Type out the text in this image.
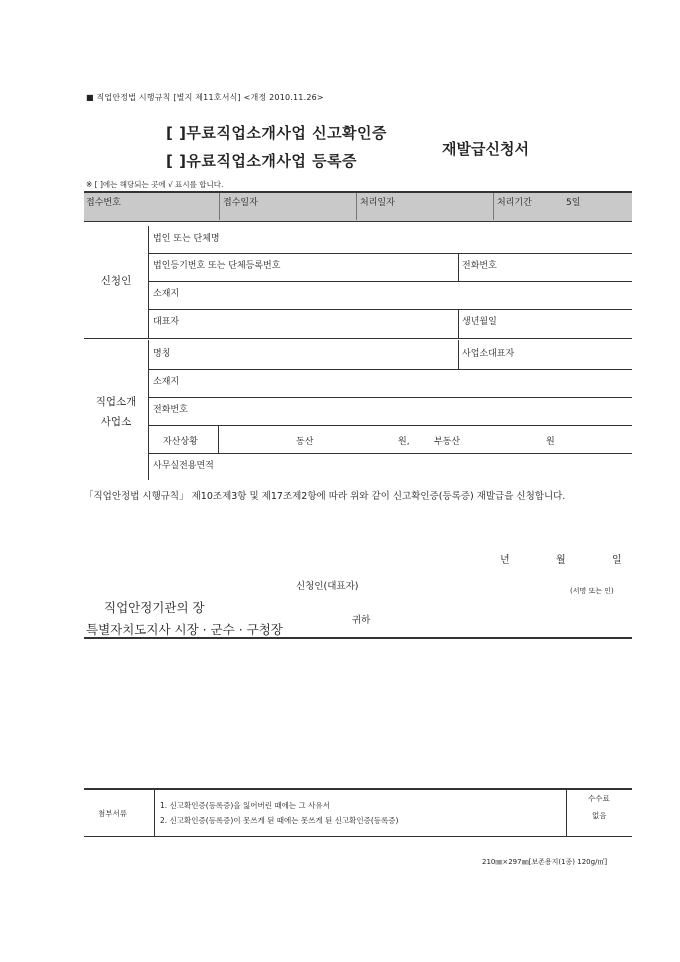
■ 직업안정법 시행규칙 [별지 제11호서식] <개정 2010.11.26>
[ ]무료직업소개사업 신고확인증
[ ]유료직업소개사업 등록증
재발급신청서
※ [ ]에는 해당되는 곳에 √ 표시를 합니다.
접수번호	접수일자	처리일자	처리기간	5일
신청인
법인 또는 단체명
법인등기번호 또는 단체등록번호	전화번호
소재지
대표자	생년월일
직업소개
사업소
명칭	사업소대표자
소재지
전화번호
자산상황	동산	원,	부동산	원
사무실전용면적
「직업안정법 시행규칙」 제10조제3항 및 제17조제2항에 따라 위와 같이 신고확인증(등록증) 재발급을 신청합니다.
년	월	일
신청인(대표자)	(서명 또는 인)
직업안정기관의 장
특별자치도지사 시장 · 군수 · 구청장
귀하
첨부서류
1. 신고확인증(등록증)을 잃어버린 때에는 그 사유서
2. 신고확인증(등록증)이 못쓰게 된 때에는 못쓰게 된 신고확인증(등록증)
수수료
없음
210㎜×297㎜[보존용지(1종) 120g/㎡]
